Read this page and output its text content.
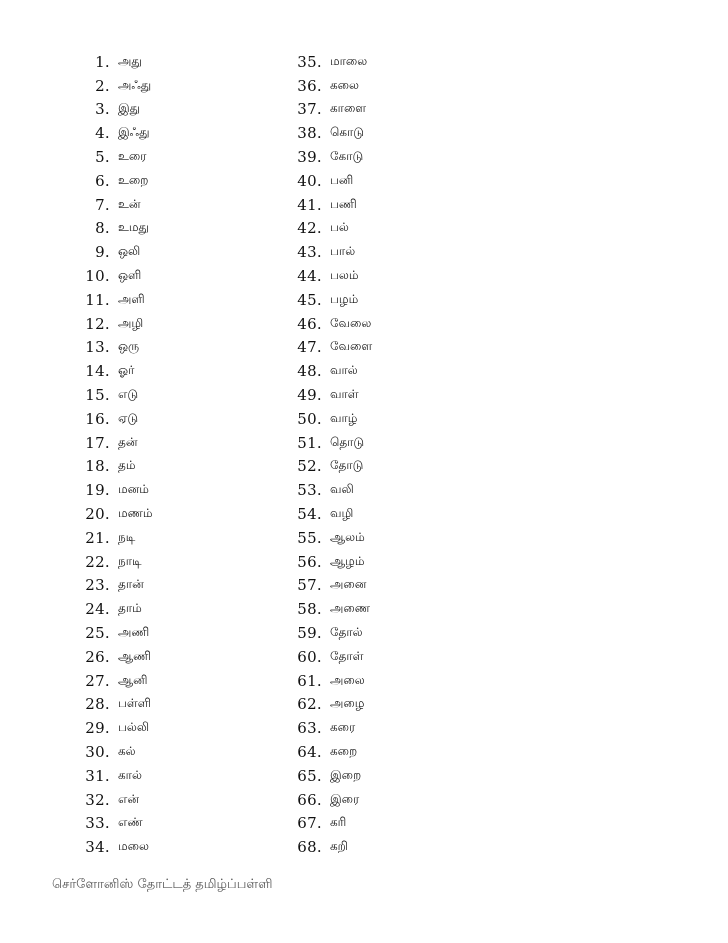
1. அது
2. அஃது
3. இது
4. இஃது
5. உரை
6. உறை
7. உன்
8. உமது
9. ஒலி
10. ஒளி
11. அளி
12. அழி
13. ஒரு
14. ஓர்
15. எடு
16. ஏடு
17. தன்
18. தம்
19. மனம்
20. மணம்
21. நடி
22. நாடி
23. தான்
24. தாம்
25. அணி
26. ஆணி
27. ஆனி
28. பள்ளி
29. பல்லி
30. கல்
31. கால்
32. என்
33. எண்
34. மலை
35. மாலை
36. கலை
37. காளை
38. கொடு
39. கோடு
40. பனி
41. பணி
42. பல்
43. பால்
44. பலம்
45. பழம்
46. வேலை
47. வேளை
48. வால்
49. வாள்
50. வாழ்
51. தொடு
52. தோடு
53. வலி
54. வழி
55. ஆலம்
56. ஆழம்
57. அனை
58. அணை
59. தோல்
60. தோள்
61. அலை
62. அழை
63. கரை
64. கறை
65. இறை
66. இரை
67. கரி
68. கறி
செர்ளோனிஸ் தோட்டத் தமிழ்ப்பள்ளி
